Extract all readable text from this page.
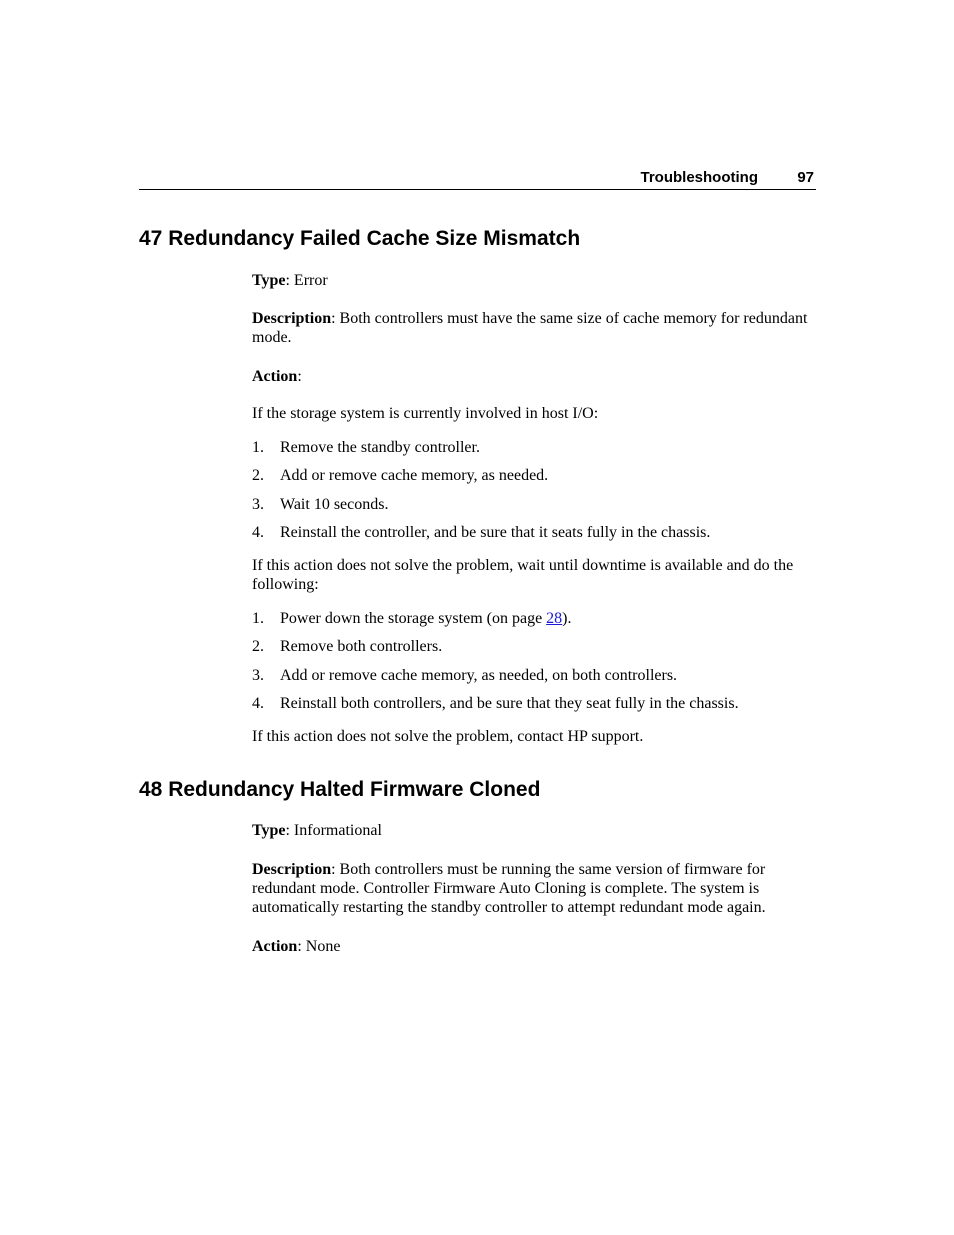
Troubleshooting	97
47 Redundancy Failed Cache Size Mismatch

Type: Error

Description: Both controllers must have the same size of cache memory for redundant mode.

Action:

If the storage system is currently involved in host I/O:
1. Remove the standby controller.
2. Add or remove cache memory, as needed.
3. Wait 10 seconds.
4. Reinstall the controller, and be sure that it seats fully in the chassis.
If this action does not solve the problem, wait until downtime is available and do the following:
1. Power down the storage system (on page 28).
2. Remove both controllers.
3. Add or remove cache memory, as needed, on both controllers.
4. Reinstall both controllers, and be sure that they seat fully in the chassis.
If this action does not solve the problem, contact HP support.
48 Redundancy Halted Firmware Cloned

Type: Informational

Description: Both controllers must be running the same version of firmware for redundant mode. Controller Firmware Auto Cloning is complete. The system is automatically restarting the standby controller to attempt redundant mode again.

Action: None
